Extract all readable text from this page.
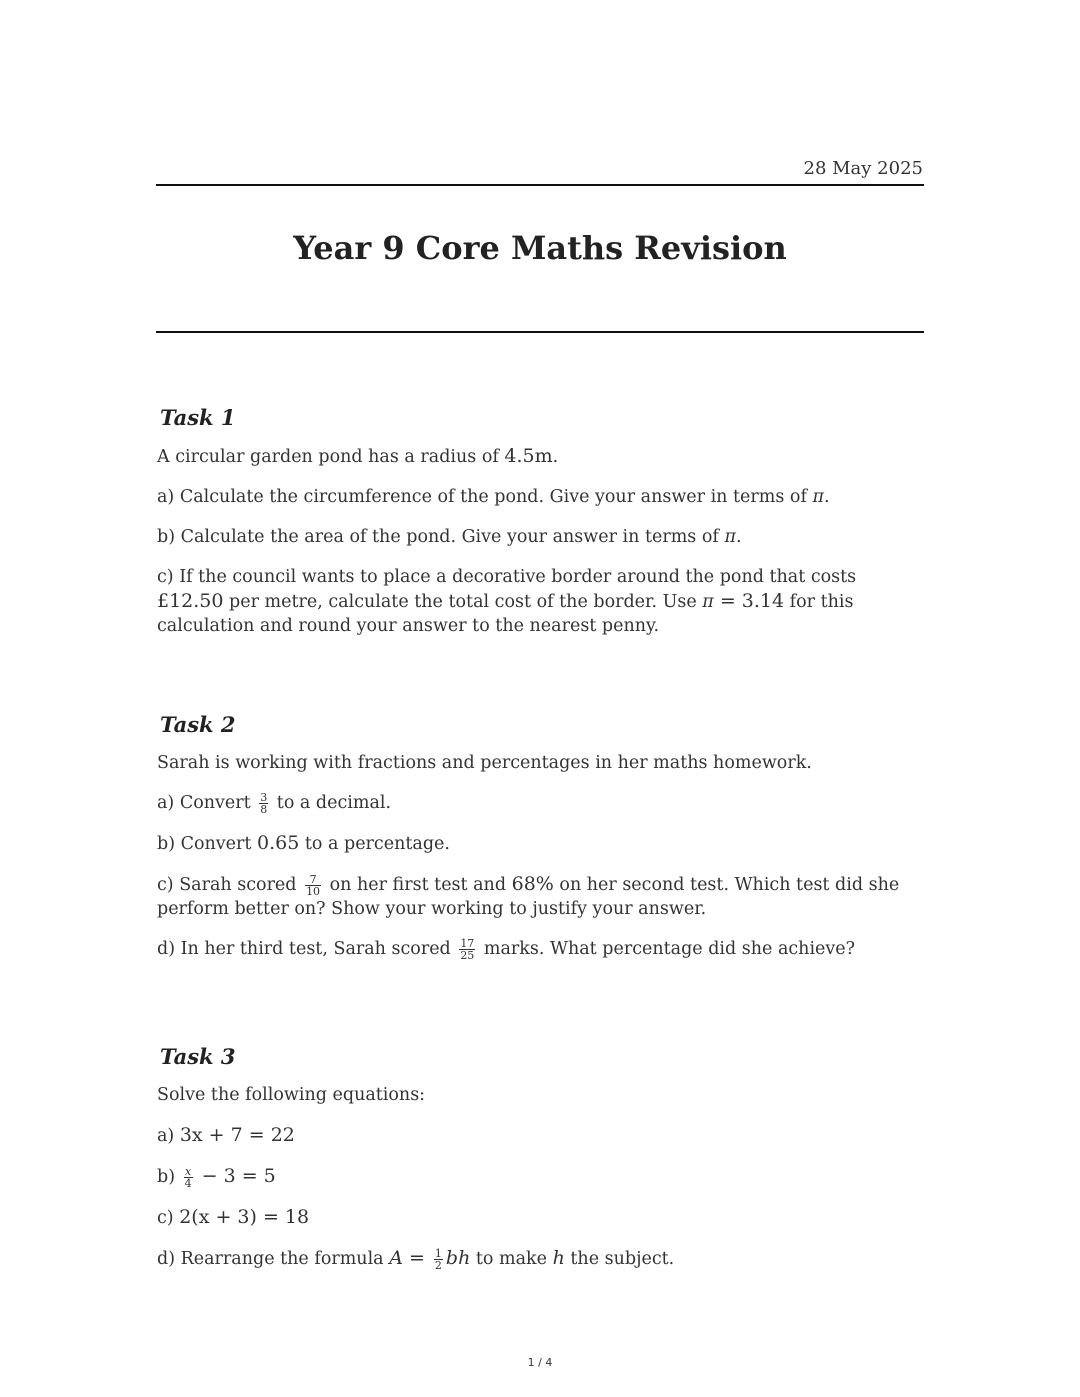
28 May 2025
Year 9 Core Maths Revision
Task 1

A circular garden pond has a radius of 4.5m.

a) Calculate the circumference of the pond. Give your answer in terms of π.

b) Calculate the area of the pond. Give your answer in terms of π.

c) If the council wants to place a decorative border around the pond that costs £12.50 per metre, calculate the total cost of the border. Use π = 3.14 for this calculation and round your answer to the nearest penny.

Task 2

Sarah is working with fractions and percentages in her maths homework.

a) Convert $\frac{3}{8}$ to a decimal.

b) Convert 0.65 to a percentage.

c) Sarah scored $\frac{7}{10}$ on her first test and 68% on her second test. Which test did she perform better on? Show your working to justify your answer.

d) In her third test, Sarah scored $\frac{17}{25}$ marks. What percentage did she achieve?

Task 3

Solve the following equations:

a) 3x + 7 = 22

$b) \frac{x}{4} - 3 = 5$

c) 2(x + 3) = 18

d) Rearrange the formula $A = \frac{1}{2}$ bh to make h the subject.

1 / 4
